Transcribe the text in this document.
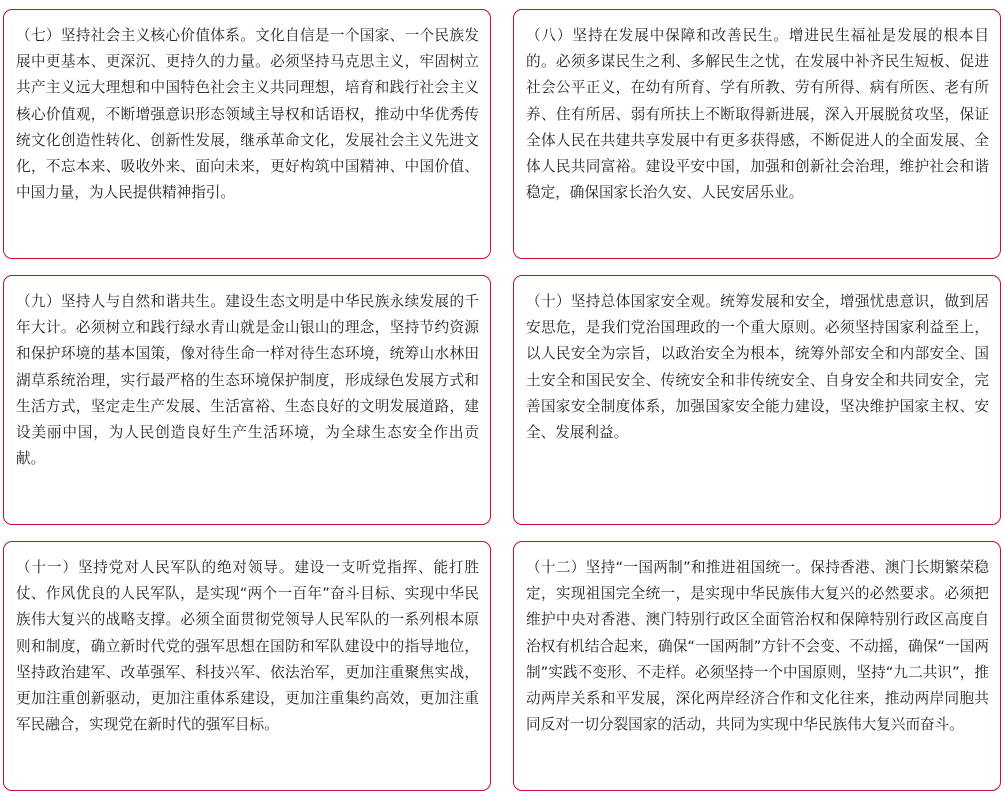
（七）坚持社会主义核心价值体系。文化自信是一个国家、一个民族发展中更基本、更深沉、更持久的力量。必须坚持马克思主义，牢固树立共产主义远大理想和中国特色社会主义共同理想，培育和践行社会主义核心价值观，不断增强意识形态领域主导权和话语权，推动中华优秀传统文化创造性转化、创新性发展，继承革命文化，发展社会主义先进文化，不忘本来、吸收外来、面向未来，更好构筑中国精神、中国价值、中国力量，为人民提供精神指引。

（八）坚持在发展中保障和改善民生。增进民生福祉是发展的根本目的。必须多谋民生之利、多解民生之忧，在发展中补齐民生短板、促进社会公平正义，在幼有所育、学有所教、劳有所得、病有所医、老有所养、住有所居、弱有所扶上不断取得新进展，深入开展脱贫攻坚，保证全体人民在共建共享发展中有更多获得感，不断促进人的全面发展、全体人民共同富裕。建设平安中国，加强和创新社会治理，维护社会和谐稳定，确保国家长治久安、人民安居乐业。

（九）坚持人与自然和谐共生。建设生态文明是中华民族永续发展的千年大计。必须树立和践行绿水青山就是金山银山的理念，坚持节约资源和保护环境的基本国策，像对待生命一样对待生态环境，统筹山水林田湖草系统治理，实行最严格的生态环境保护制度，形成绿色发展方式和生活方式，坚定走生产发展、生活富裕、生态良好的文明发展道路，建设美丽中国，为人民创造良好生产生活环境，为全球生态安全作出贡献。

（十）坚持总体国家安全观。统筹发展和安全，增强忧患意识，做到居安思危，是我们党治国理政的一个重大原则。必须坚持国家利益至上，以人民安全为宗旨，以政治安全为根本，统筹外部安全和内部安全、国土安全和国民安全、传统安全和非传统安全、自身安全和共同安全，完善国家安全制度体系，加强国家安全能力建设，坚决维护国家主权、安全、发展利益。

（十一）坚持党对人民军队的绝对领导。建设一支听党指挥、能打胜仗、作风优良的人民军队，是实现“两个一百年”奋斗目标、实现中华民族伟大复兴的战略支撑。必须全面贯彻党领导人民军队的一系列根本原则和制度，确立新时代党的强军思想在国防和军队建设中的指导地位，坚持政治建军、改革强军、科技兴军、依法治军，更加注重聚焦实战，更加注重创新驱动，更加注重体系建设，更加注重集约高效，更加注重军民融合，实现党在新时代的强军目标。

（十二）坚持“一国两制”和推进祖国统一。保持香港、澳门长期繁荣稳定，实现祖国完全统一，是实现中华民族伟大复兴的必然要求。必须把维护中央对香港、澳门特别行政区全面管治权和保障特别行政区高度自治权有机结合起来，确保“一国两制”方针不会变、不动摇，确保“一国两制”实践不变形、不走样。必须坚持一个中国原则，坚持“九二共识”，推动两岸关系和平发展，深化两岸经济合作和文化往来，推动两岸同胞共同反对一切分裂国家的活动，共同为实现中华民族伟大复兴而奋斗。
